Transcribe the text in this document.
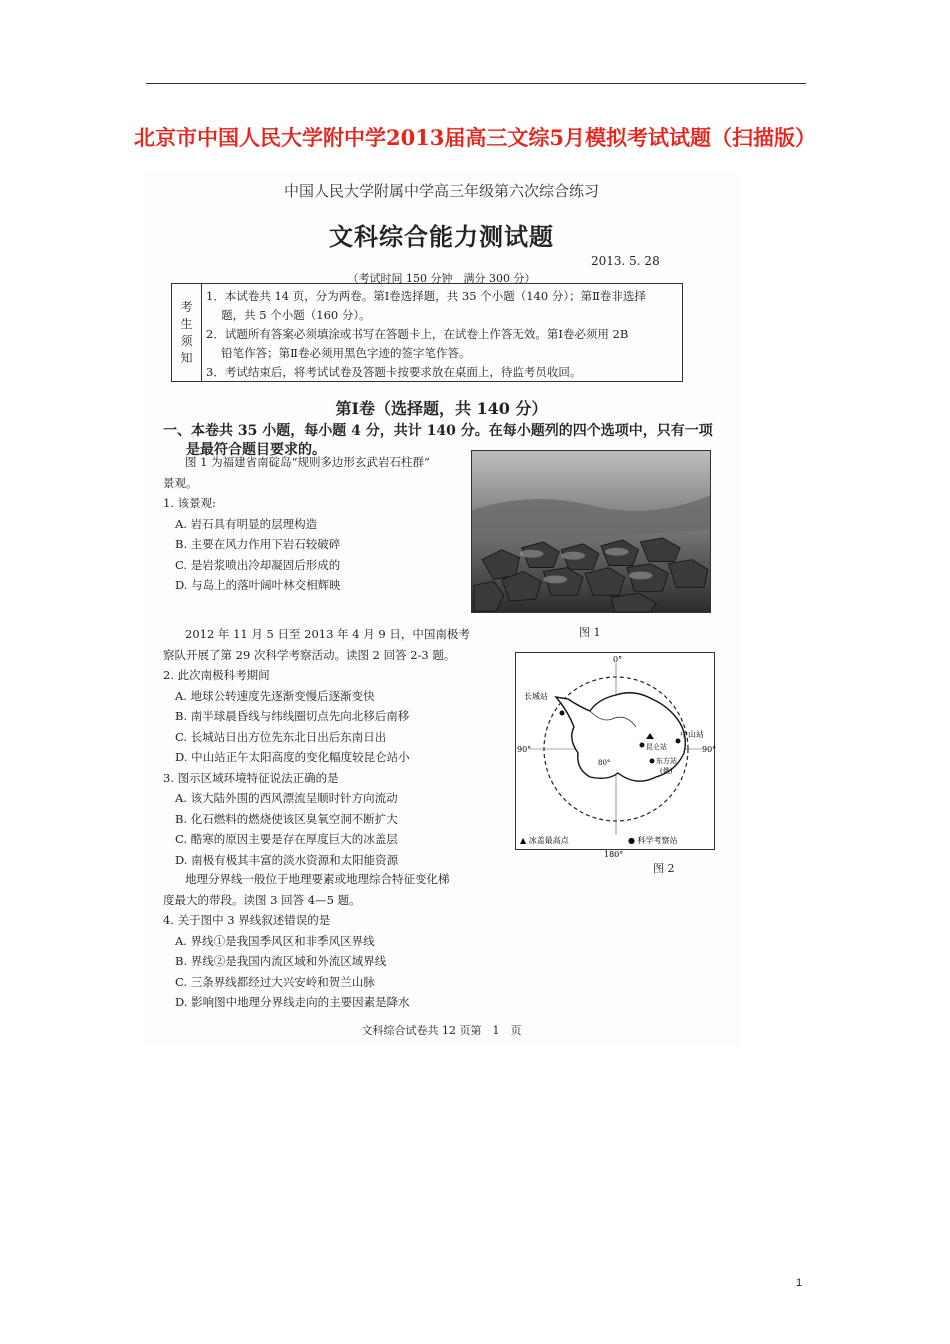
北京市中国人民大学附中学2013届高三文综5月模拟考试试题（扫描版）
中国人民大学附属中学高三年级第六次综合练习
文科综合能力测试题
2013. 5. 28
（考试时间 150 分钟　满分 300 分）
考
生
须
知
1．本试卷共 14 页，分为两卷。第Ⅰ卷选择题，共 35 个小题（140 分）；第Ⅱ卷非选择
　 题，共 5 个小题（160 分）。
2．试题所有答案必须填涂或书写在答题卡上，在试卷上作答无效。第Ⅰ卷必须用 2B
　 铅笔作答；第Ⅱ卷必须用黑色字迹的签字笔作答。
3．考试结束后，将考试试卷及答题卡按要求放在桌面上，待监考员收回。
第Ⅰ卷（选择题，共 140 分）
一、本卷共 35 小题，每小题 4 分，共计 140 分。在每小题列的四个选项中，只有一项
是最符合题目要求的。
图 1 为福建省南碇岛“规则多边形玄武岩石柱群”
景观。
1. 该景观:
A. 岩石具有明显的层理构造
B. 主要在风力作用下岩石较破碎
C. 是岩浆喷出冷却凝固后形成的
D. 与岛上的落叶阔叶林交相辉映
图 1
2012 年 11 月 5 日至 2013 年 4 月 9 日，中国南极考
察队开展了第 29 次科学考察活动。读图 2 回答 2-3 题。
2. 此次南极科考期间
A. 地球公转速度先逐渐变慢后逐渐变快
B. 南半球晨昏线与纬线圈切点先向北移后南移
C. 长城站日出方位先东北日出后东南日出
D. 中山站正午太阳高度的变化幅度较昆仑站小
3. 图示区域环境特征说法正确的是
A. 该大陆外围的西风漂流呈顺时针方向流动
B. 化石燃料的燃烧使该区臭氧空洞不断扩大
C. 酷寒的原因主要是存在厚度巨大的冰盖层
D. 南极有极其丰富的淡水资源和太阳能资源
0°
90°	90°
180°
80°
长城站
中山站
昆仑站
东方站
(俄)
▲ 冰盖最高点	● 科学考察站
图 2
地理分界线一般位于地理要素或地理综合特征变化梯
度最大的带段。读图 3 回答 4—5 题。
4. 关于图中 3 界线叙述错误的是
A. 界线①是我国季风区和非季风区界线
B. 界线②是我国内流区域和外流区域界线
C. 三条界线都经过大兴安岭和贺兰山脉
D. 影响图中地理分界线走向的主要因素是降水
文科综合试卷共 12 页第　1　页
1
